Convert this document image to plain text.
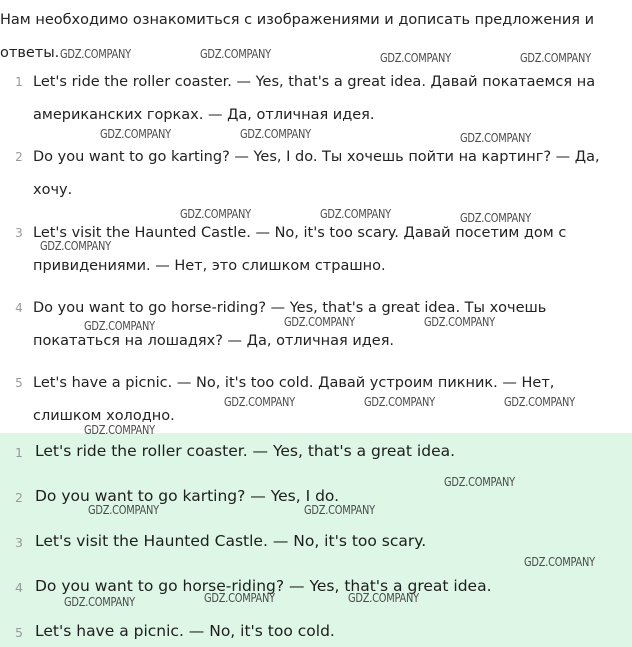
Нам необходимо ознакомиться с изображениями и дописать предложения и ответы.
1 Let's ride the roller coaster. — Yes, that's a great idea. Давай покатаемся на американских горках. — Да, отличная идея.
2 Do you want to go karting? — Yes, I do. Ты хочешь пойти на картинг? — Да, хочу.
3 Let's visit the Haunted Castle. — No, it's too scary. Давай посетим дом с привидениями. — Нет, это слишком страшно.
4 Do you want to go horse-riding? — Yes, that's a great idea. Ты хочешь покататься на лошадях? — Да, отличная идея.
5 Let's have a picnic. — No, it's too cold. Давай устроим пикник. — Нет, слишком холодно.
1 Let's ride the roller coaster. — Yes, that's a great idea.
2 Do you want to go karting? — Yes, I do.
3 Let's visit the Haunted Castle. — No, it's too scary.
4 Do you want to go horse-riding? — Yes, that's a great idea.
5 Let's have a picnic. — No, it's too cold.
GDZ.COMPANY	GDZ.COMPANY	GDZ.COMPANY	GDZ.COMPANY
GDZ.COMPANY	GDZ.COMPANY	GDZ.COMPANY
GDZ.COMPANY	GDZ.COMPANY	GDZ.COMPANY
GDZ.COMPANY
GDZ.COMPANY	GDZ.COMPANY	GDZ.COMPANY
GDZ.COMPANY	GDZ.COMPANY	GDZ.COMPANY
GDZ.COMPANY
GDZ.COMPANY
GDZ.COMPANY	GDZ.COMPANY
GDZ.COMPANY
GDZ.COMPANY	GDZ.COMPANY	GDZ.COMPANY
